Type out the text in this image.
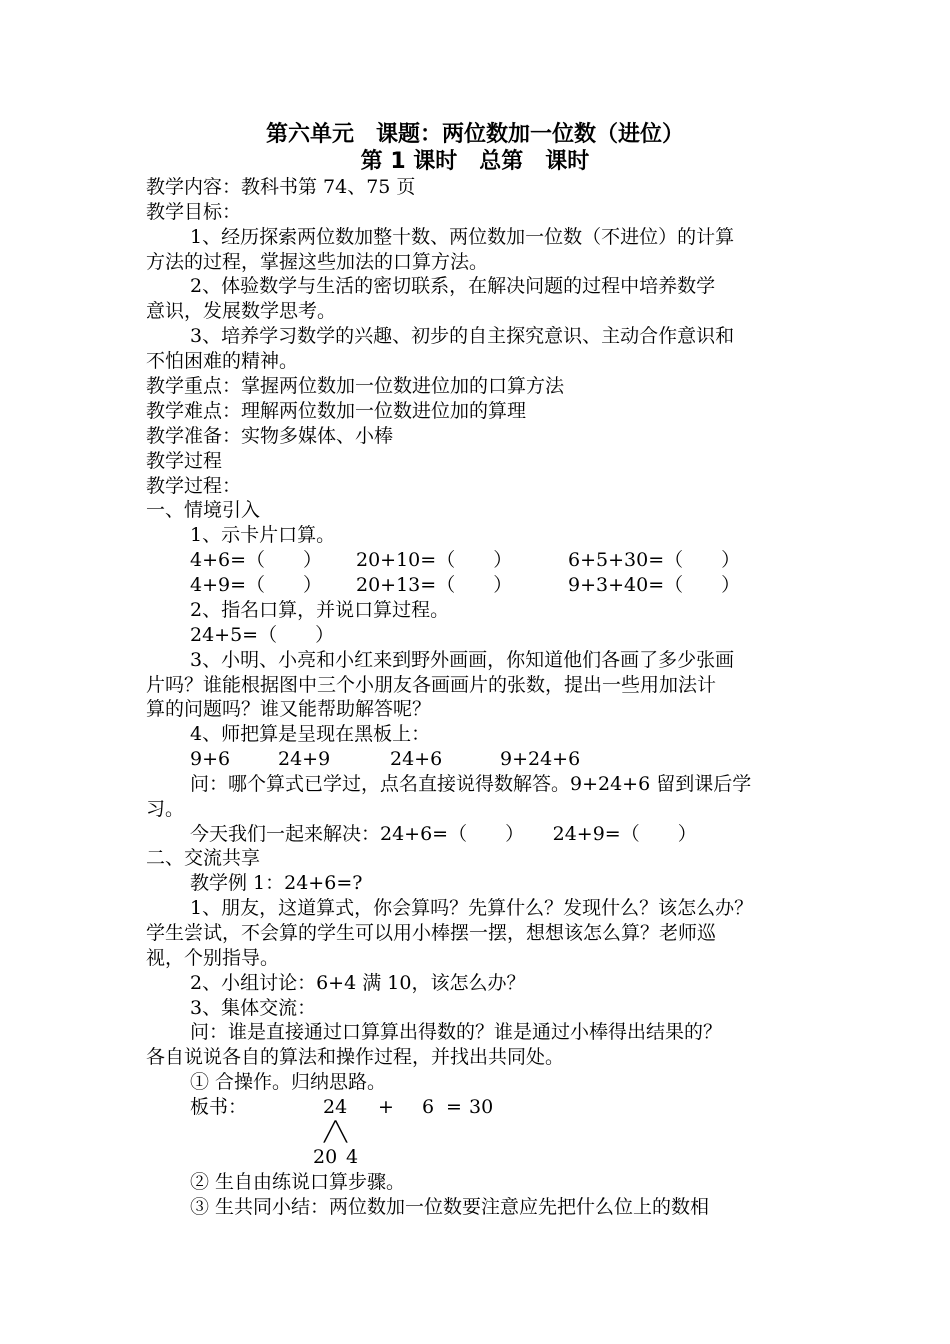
第六单元　课题：两位数加一位数（进位）
第 1 课时　总第　课时
教学内容：教科书第 74、75 页
教学目标：
1、经历探索两位数加整十数、两位数加一位数（不进位）的计算
方法的过程，掌握这些加法的口算方法。
2、体验数学与生活的密切联系，在解决问题的过程中培养数学
意识，发展数学思考。
3、培养学习数学的兴趣、初步的自主探究意识、主动合作意识和
不怕困难的精神。
教学重点：掌握两位数加一位数进位加的口算方法
教学难点：理解两位数加一位数进位加的算理
教学准备：实物多媒体、小棒
教学过程
教学过程：
一、情境引入
1、示卡片口算。
4+6=（　　） 20+10=（　　）	6+5+30=（　　）
4+9=（　　） 20+13=（　　）	9+3+40=（　　）
2、指名口算，并说口算过程。
24+5=（　　）
3、小明、小亮和小红来到野外画画，你知道他们各画了多少张画
片吗？谁能根据图中三个小朋友各画画片的张数，提出一些用加法计
算的问题吗？谁又能帮助解答呢？
4、师把算是呈现在黑板上：
9+6	24+9	24+6	9+24+6
问：哪个算式已学过，点名直接说得数解答。9+24+6 留到课后学
习。
今天我们一起来解决：24+6=（　　）　　24+9=（　　）
二、交流共享
教学例 1：24+6=?
1、朋友，这道算式，你会算吗？先算什么？发现什么？该怎么办？
学生尝试，不会算的学生可以用小棒摆一摆，想想该怎么算？老师巡
视，个别指导。
2、小组讨论：6+4 满 10，该怎么办？
3、集体交流：
问：谁是直接通过口算算出得数的？谁是通过小棒得出结果的？
各自说说各自的算法和操作过程，并找出共同处。
① 合操作。归纳思路。
板书：	24 + 6 = 30
╱╲
20 4
② 生自由练说口算步骤。
③ 生共同小结：两位数加一位数要注意应先把什么位上的数相
